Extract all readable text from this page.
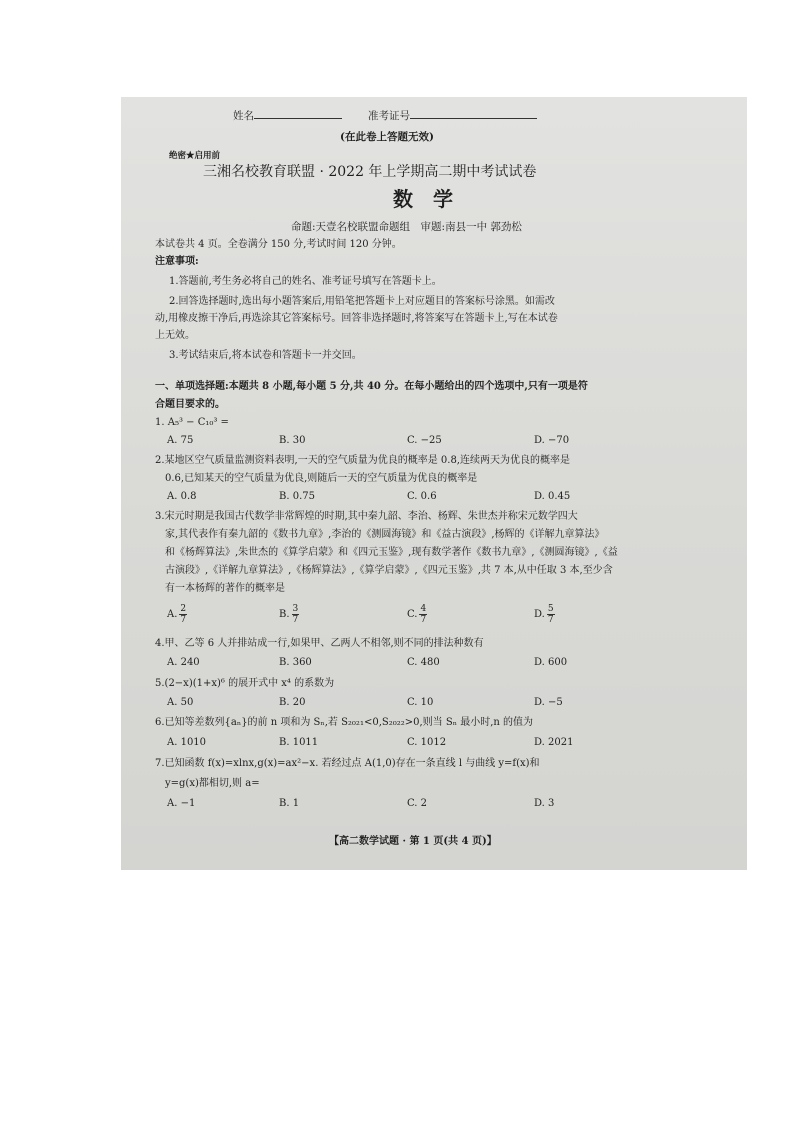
姓名	准考证号
(在此卷上答题无效)
绝密★启用前
三湘名校教育联盟 · 2022 年上学期高二期中考试试卷
数　学
命题:天壹名校联盟命题组　审题:南县一中 郭劲松
本试卷共 4 页。全卷满分 150 分,考试时间 120 分钟。
注意事项:
1.答题前,考生务必将自己的姓名、准考证号填写在答题卡上。
2.回答选择题时,选出每小题答案后,用铅笔把答题卡上对应题目的答案标号涂黑。如需改
动,用橡皮擦干净后,再选涂其它答案标号。回答非选择题时,将答案写在答题卡上,写在本试卷
上无效。
3.考试结束后,将本试卷和答题卡一并交回。
一、单项选择题:本题共 8 小题,每小题 5 分,共 40 分。在每小题给出的四个选项中,只有一项是符
合题目要求的。
1. A₅³ − C₁₀³ =
A. 75	B. 30	C. −25	D. −70
2.某地区空气质量监测资料表明,一天的空气质量为优良的概率是 0.8,连续两天为优良的概率是
0.6,已知某天的空气质量为优良,则随后一天的空气质量为优良的概率是
A. 0.8	B. 0.75	C. 0.6	D. 0.45
3.宋元时期是我国古代数学非常辉煌的时期,其中秦九韶、李治、杨辉、朱世杰并称宋元数学四大
家,其代表作有秦九韶的《数书九章》,李治的《测圆海镜》和《益古演段》,杨辉的《详解九章算法》
和《杨辉算法》,朱世杰的《算学启蒙》和《四元玉鉴》,现有数学著作《数书九章》,《测圆海镜》,《益
古演段》,《详解九章算法》,《杨辉算法》,《算学启蒙》,《四元玉鉴》,共 7 本,从中任取 3 本,至少含
有一本杨辉的著作的概率是
A. $\frac{2}{7}$	B. $\frac{3}{7}$	C. $\frac{4}{7}$	D. $\frac{5}{7}$
4.甲、乙等 6 人并排站成一行,如果甲、乙两人不相邻,则不同的排法种数有
A. 240	B. 360	C. 480	D. 600
5.(2−x)(1+x)⁶ 的展开式中 x⁴ 的系数为
A. 50	B. 20	C. 10	D. −5
6.已知等差数列{aₙ}的前 n 项和为 Sₙ,若 S₂₀₂₁<0,S₂₀₂₂>0,则当 Sₙ 最小时,n 的值为
A. 1010	B. 1011	C. 1012	D. 2021
7.已知函数 f(x)=xlnx,g(x)=ax²−x. 若经过点 A(1,0)存在一条直线 l 与曲线 y=f(x)和
y=g(x)都相切,则 a=
A. −1	B. 1	C. 2	D. 3
【高二数学试题 · 第 1 页(共 4 页)】
